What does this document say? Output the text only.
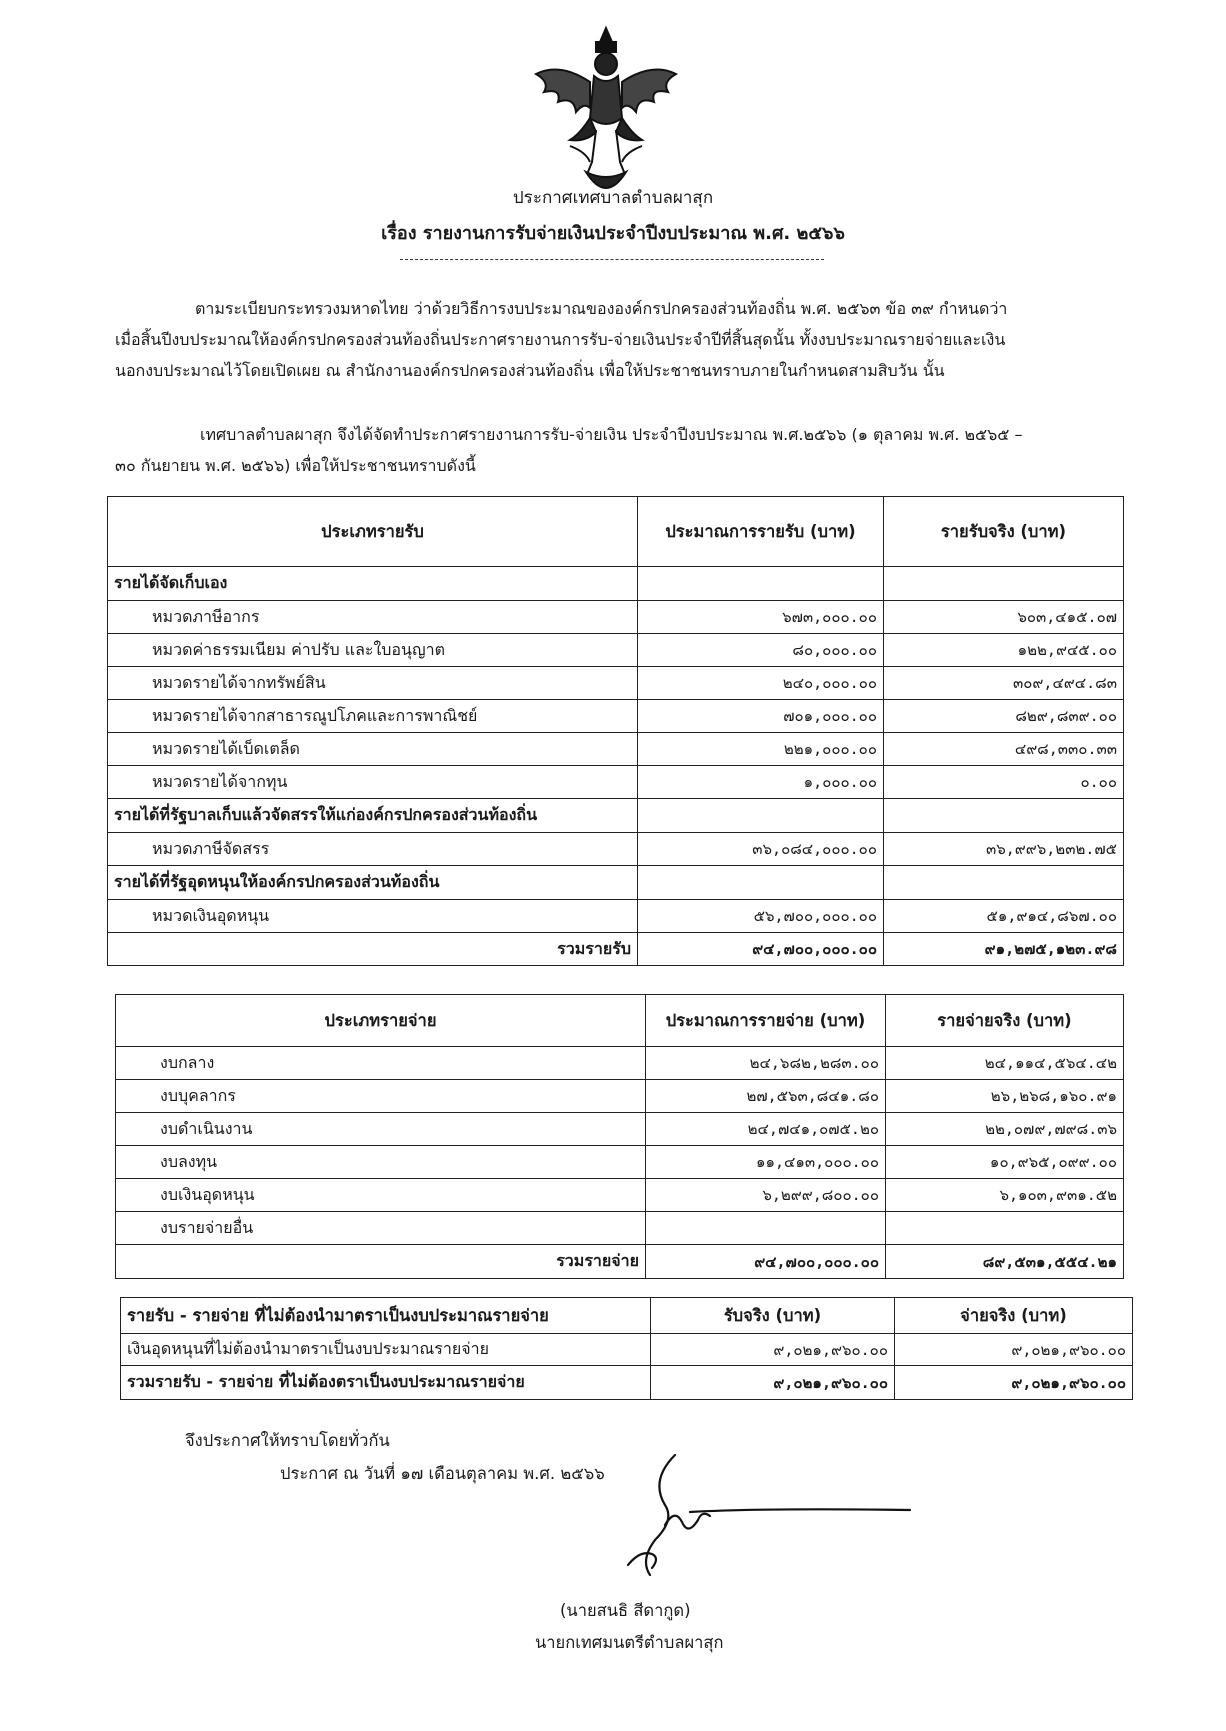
ประกาศเทศบาลตำบลผาสุก
เรื่อง รายงานการรับจ่ายเงินประจำปีงบประมาณ พ.ศ. ๒๕๖๖
ตามระเบียบกระทรวงมหาดไทย ว่าด้วยวิธีการงบประมาณขององค์กรปกครองส่วนท้องถิ่น พ.ศ. ๒๕๖๓ ข้อ ๓๙ กำหนดว่า
เมื่อสิ้นปีงบประมาณให้องค์กรปกครองส่วนท้องถิ่นประกาศรายงานการรับ-จ่ายเงินประจำปีที่สิ้นสุดนั้น ทั้งงบประมาณรายจ่ายและเงิน
นอกงบประมาณไว้โดยเปิดเผย ณ สำนักงานองค์กรปกครองส่วนท้องถิ่น เพื่อให้ประชาชนทราบภายในกำหนดสามสิบวัน นั้น
เทศบาลตำบลผาสุก จึงได้จัดทำประกาศรายงานการรับ-จ่ายเงิน ประจำปีงบประมาณ พ.ศ.๒๕๖๖ (๑ ตุลาคม พ.ศ. ๒๕๖๕ –
๓๐ กันยายน พ.ศ. ๒๕๖๖) เพื่อให้ประชาชนทราบดังนี้
ประเภทรายรับ	ประมาณการรายรับ (บาท)	รายรับจริง (บาท)
รายได้จัดเก็บเอง		
หมวดภาษีอากร	๖๗๓,๐๐๐.๐๐	๖๐๓,๔๑๕.๐๗
หมวดค่าธรรมเนียม ค่าปรับ และใบอนุญาต	๘๐,๐๐๐.๐๐	๑๒๒,๙๔๕.๐๐
หมวดรายได้จากทรัพย์สิน	๒๔๐,๐๐๐.๐๐	๓๐๙,๔๙๔.๘๓
หมวดรายได้จากสาธารณูปโภคและการพาณิชย์	๗๐๑,๐๐๐.๐๐	๘๒๙,๘๓๙.๐๐
หมวดรายได้เบ็ดเตล็ด	๒๒๑,๐๐๐.๐๐	๔๙๘,๓๓๐.๓๓
หมวดรายได้จากทุน	๑,๐๐๐.๐๐	๐.๐๐
รายได้ที่รัฐบาลเก็บแล้วจัดสรรให้แก่องค์กรปกครองส่วนท้องถิ่น		
หมวดภาษีจัดสรร	๓๖,๐๘๔,๐๐๐.๐๐	๓๖,๙๙๖,๒๓๒.๗๕
รายได้ที่รัฐอุดหนุนให้องค์กรปกครองส่วนท้องถิ่น		
หมวดเงินอุดหนุน	๕๖,๗๐๐,๐๐๐.๐๐	๕๑,๙๑๔,๘๖๗.๐๐
รวมรายรับ	๙๔,๗๐๐,๐๐๐.๐๐	๙๑,๒๗๕,๑๒๓.๙๘
ประเภทรายจ่าย	ประมาณการรายจ่าย (บาท)	รายจ่ายจริง (บาท)
งบกลาง	๒๔,๖๘๒,๒๘๓.๐๐	๒๔,๑๑๔,๕๖๔.๔๒
งบบุคลากร	๒๗,๕๖๓,๘๔๑.๘๐	๒๖,๒๖๘,๑๖๐.๙๑
งบดำเนินงาน	๒๔,๗๔๑,๐๗๕.๒๐	๒๒,๐๗๙,๗๙๘.๓๖
งบลงทุน	๑๑,๔๑๓,๐๐๐.๐๐	๑๐,๙๖๕,๐๙๙.๐๐
งบเงินอุดหนุน	๖,๒๙๙,๘๐๐.๐๐	๖,๑๐๓,๙๓๑.๕๒
งบรายจ่ายอื่น		
รวมรายจ่าย	๙๔,๗๐๐,๐๐๐.๐๐	๘๙,๕๓๑,๕๕๔.๒๑
รายรับ - รายจ่าย ที่ไม่ต้องนำมาตราเป็นงบประมาณรายจ่าย	รับจริง (บาท)	จ่ายจริง (บาท)
เงินอุดหนุนที่ไม่ต้องนำมาตราเป็นงบประมาณรายจ่าย	๙,๐๒๑,๙๖๐.๐๐	๙,๐๒๑,๙๖๐.๐๐
รวมรายรับ - รายจ่าย ที่ไม่ต้องตราเป็นงบประมาณรายจ่าย	๙,๐๒๑,๙๖๐.๐๐	๙,๐๒๑,๙๖๐.๐๐
จึงประกาศให้ทราบโดยทั่วกัน
ประกาศ ณ วันที่ ๑๗ เดือนตุลาคม พ.ศ. ๒๕๖๖
(นายสนธิ สีดากูด)
นายกเทศมนตรีตำบลผาสุก
